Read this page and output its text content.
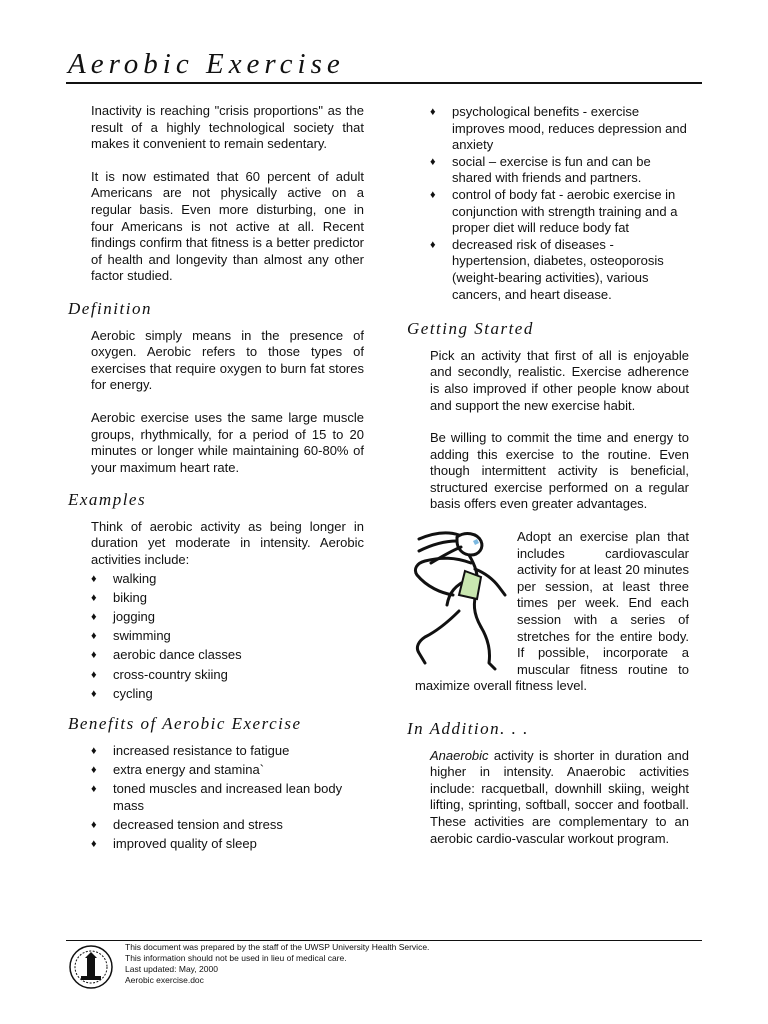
Aerobic Exercise

Inactivity is reaching "crisis proportions" as the result of a highly technological society that makes it convenient to remain sedentary.

It is now estimated that 60 percent of adult Americans are not physically active on a regular basis. Even more disturbing, one in four Americans is not active at all. Recent findings confirm that fitness is a better predictor of health and longevity than almost any other factor studied.

Definition

Aerobic simply means in the presence of oxygen. Aerobic refers to those types of exercises that require oxygen to burn fat stores for energy.

Aerobic exercise uses the same large muscle groups, rhythmically, for a period of 15 to 20 minutes or longer while maintaining 60-80% of your maximum heart rate.

Examples

Think of aerobic activity as being longer in duration yet moderate in intensity. Aerobic activities include:

♦ walking
♦ biking
♦ jogging
♦ swimming
♦ aerobic dance classes
♦ cross-country skiing
♦ cycling
Benefits of Aerobic Exercise
♦ increased resistance to fatigue
♦ extra energy and stamina`
♦ toned muscles and increased lean body mass
♦ decreased tension and stress
♦ improved quality of sleep
♦ psychological benefits - exercise improves mood, reduces depression and anxiety
♦ social – exercise is fun and can be shared with friends and partners.
♦ control of body fat - aerobic exercise in conjunction with strength training and a proper diet will reduce body fat
♦ decreased risk of diseases - hypertension, diabetes, osteoporosis (weight-bearing activities), various cancers, and heart disease.
Getting Started

Pick an activity that first of all is enjoyable and secondly, realistic. Exercise adherence is also improved if other people know about and support the new exercise habit.

Be willing to commit the time and energy to adding this exercise to the routine. Even though intermittent activity is beneficial, structured exercise performed on a regular basis offers even greater advantages.

Adopt an exercise plan that includes cardiovascular activity for at least 20 minutes per session, at least three times per week. End each session with a series of stretches for the entire body. If possible, incorporate a muscular fitness routine to maximize overall fitness level.

In Addition. . .

Anaerobic activity is shorter in duration and higher in intensity. Anaerobic activities include: racquetball, downhill skiing, weight lifting, sprinting, softball, soccer and football. These activities are complementary to an aerobic cardio-vascular workout program.

This document was prepared by the staff of the UWSP University Health Service.
This information should not be used in lieu of medical care.
Last updated: May, 2000
Aerobic exercise.doc
